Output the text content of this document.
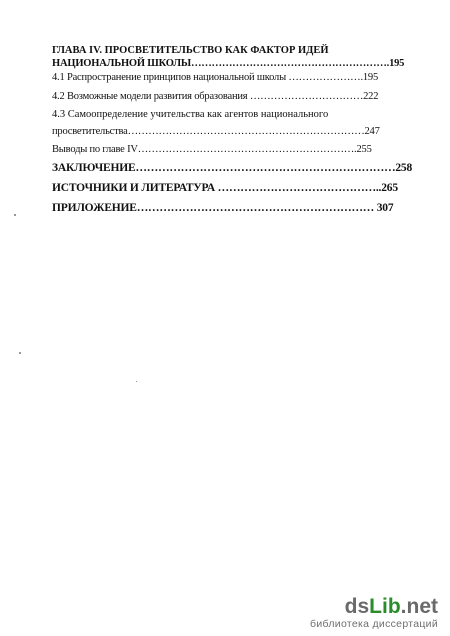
ГЛАВА IV. ПРОСВЕТИТЕЛЬСТВО КАК ФАКТОР ИДЕЙ
НАЦИОНАЛЬНОЙ ШКОЛЫ………………………………………………….195
4.1 Распространение принципов национальной школы ………………….195
4.2 Возможные модели развития образования ……………………………222
4.3 Самоопределение учительства как агентов национального
просветительства……………………………………………………………247
Выводы по главе IV……………………………………………………….255
ЗАКЛЮЧЕНИЕ……………………………………………………………258
ИСТОЧНИКИ И ЛИТЕРАТУРА ……………………………………..265
ПРИЛОЖЕНИЕ……………………………………………………… 307
dsLib.net
библиотека диссертаций
